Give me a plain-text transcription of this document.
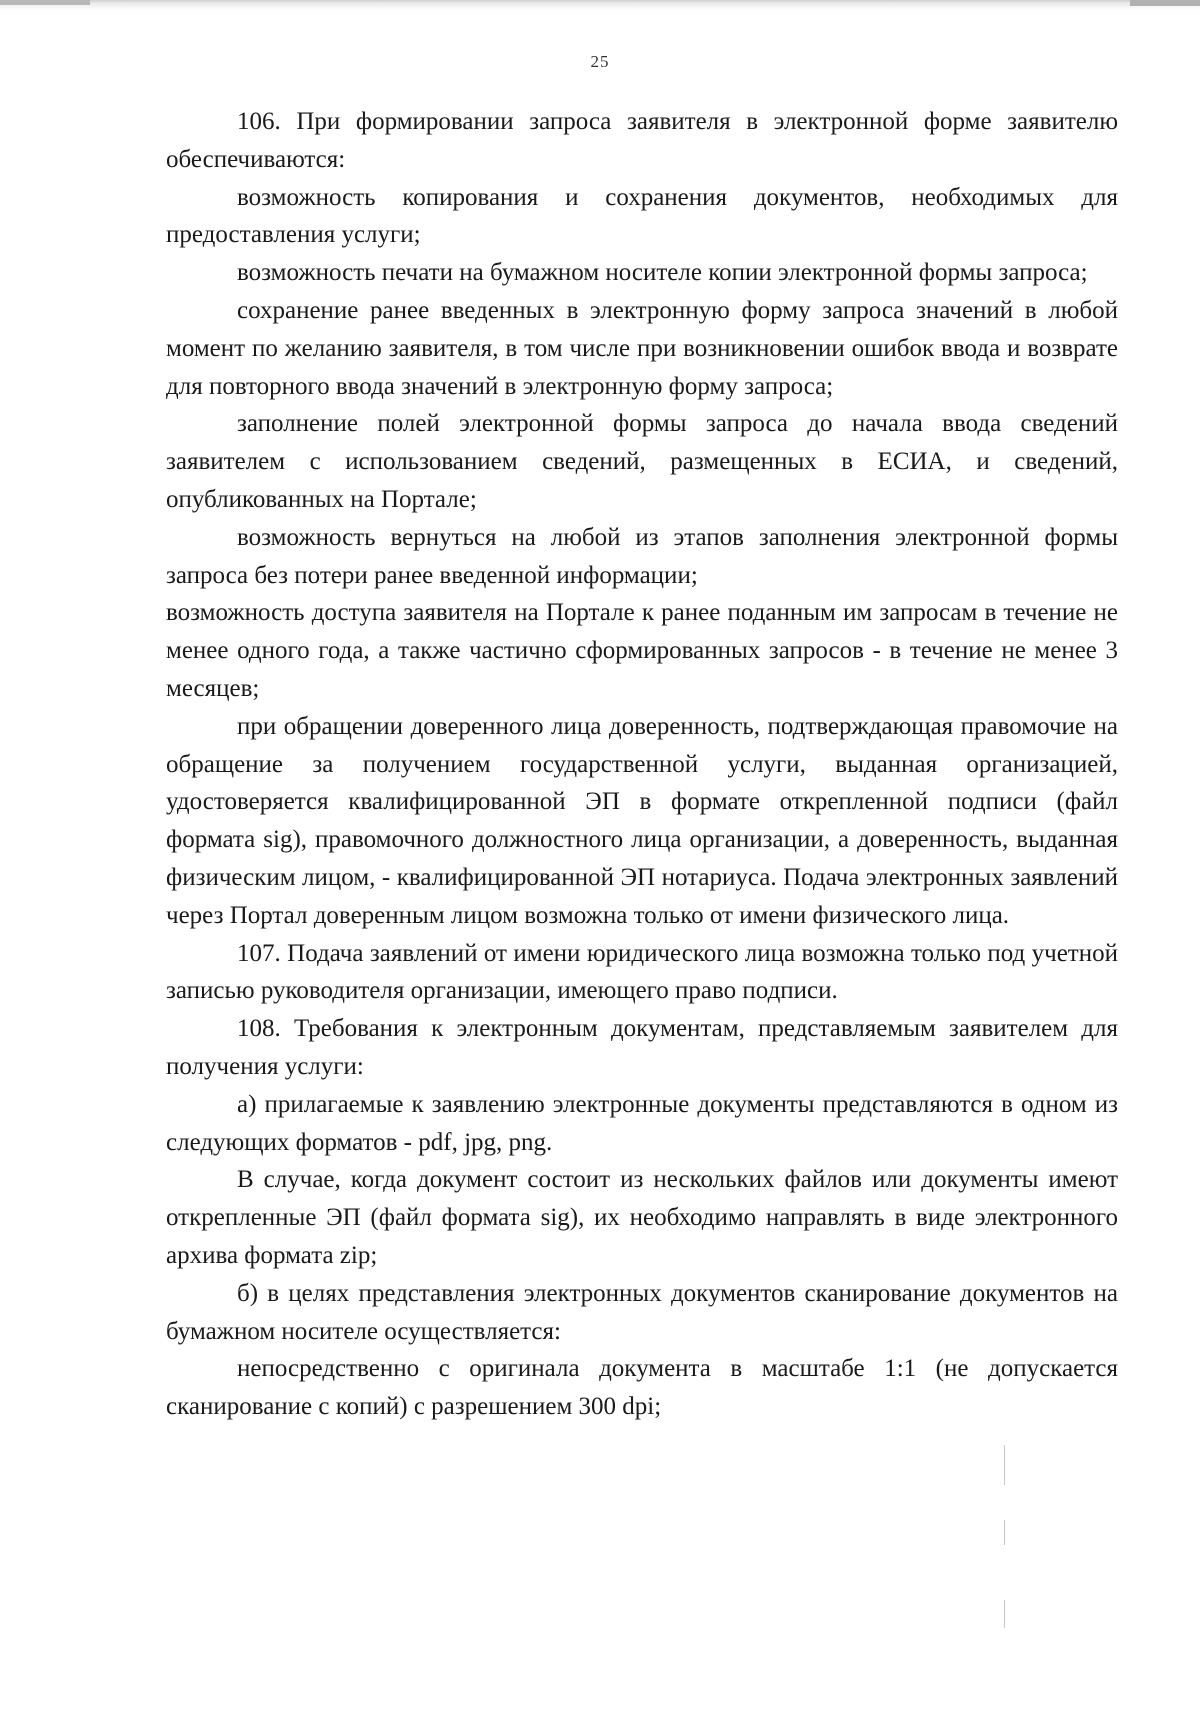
25

106. При формировании запроса заявителя в электронной форме заявителю обеспечиваются:

возможность копирования и сохранения документов, необходимых для предоставления услуги;

возможность печати на бумажном носителе копии электронной формы запроса;

сохранение ранее введенных в электронную форму запроса значений в любой момент по желанию заявителя, в том числе при возникновении ошибок ввода и возврате для повторного ввода значений в электронную форму запроса;

заполнение полей электронной формы запроса до начала ввода сведений заявителем с использованием сведений, размещенных в ЕСИА, и сведений, опубликованных на Портале;

возможность вернуться на любой из этапов заполнения электронной формы запроса без потери ранее введенной информации;

возможность доступа заявителя на Портале к ранее поданным им запросам в течение не менее одного года, а также частично сформированных запросов - в течение не менее 3 месяцев;

при обращении доверенного лица доверенность, подтверждающая правомочие на обращение за получением государственной услуги, выданная организацией, удостоверяется квалифицированной ЭП в формате открепленной подписи (файл формата sig), правомочного должностного лица организации, а доверенность, выданная физическим лицом, - квалифицированной ЭП нотариуса. Подача электронных заявлений через Портал доверенным лицом возможна только от имени физического лица.

107. Подача заявлений от имени юридического лица возможна только под учетной записью руководителя организации, имеющего право подписи.

108. Требования к электронным документам, представляемым заявителем для получения услуги:

а) прилагаемые к заявлению электронные документы представляются в одном из следующих форматов - pdf, jpg, png.

В случае, когда документ состоит из нескольких файлов или документы имеют открепленные ЭП (файл формата sig), их необходимо направлять в виде электронного архива формата zip;

б) в целях представления электронных документов сканирование документов на бумажном носителе осуществляется:

непосредственно с оригинала документа в масштабе 1:1 (не допускается сканирование с копий) с разрешением 300 dpi;
